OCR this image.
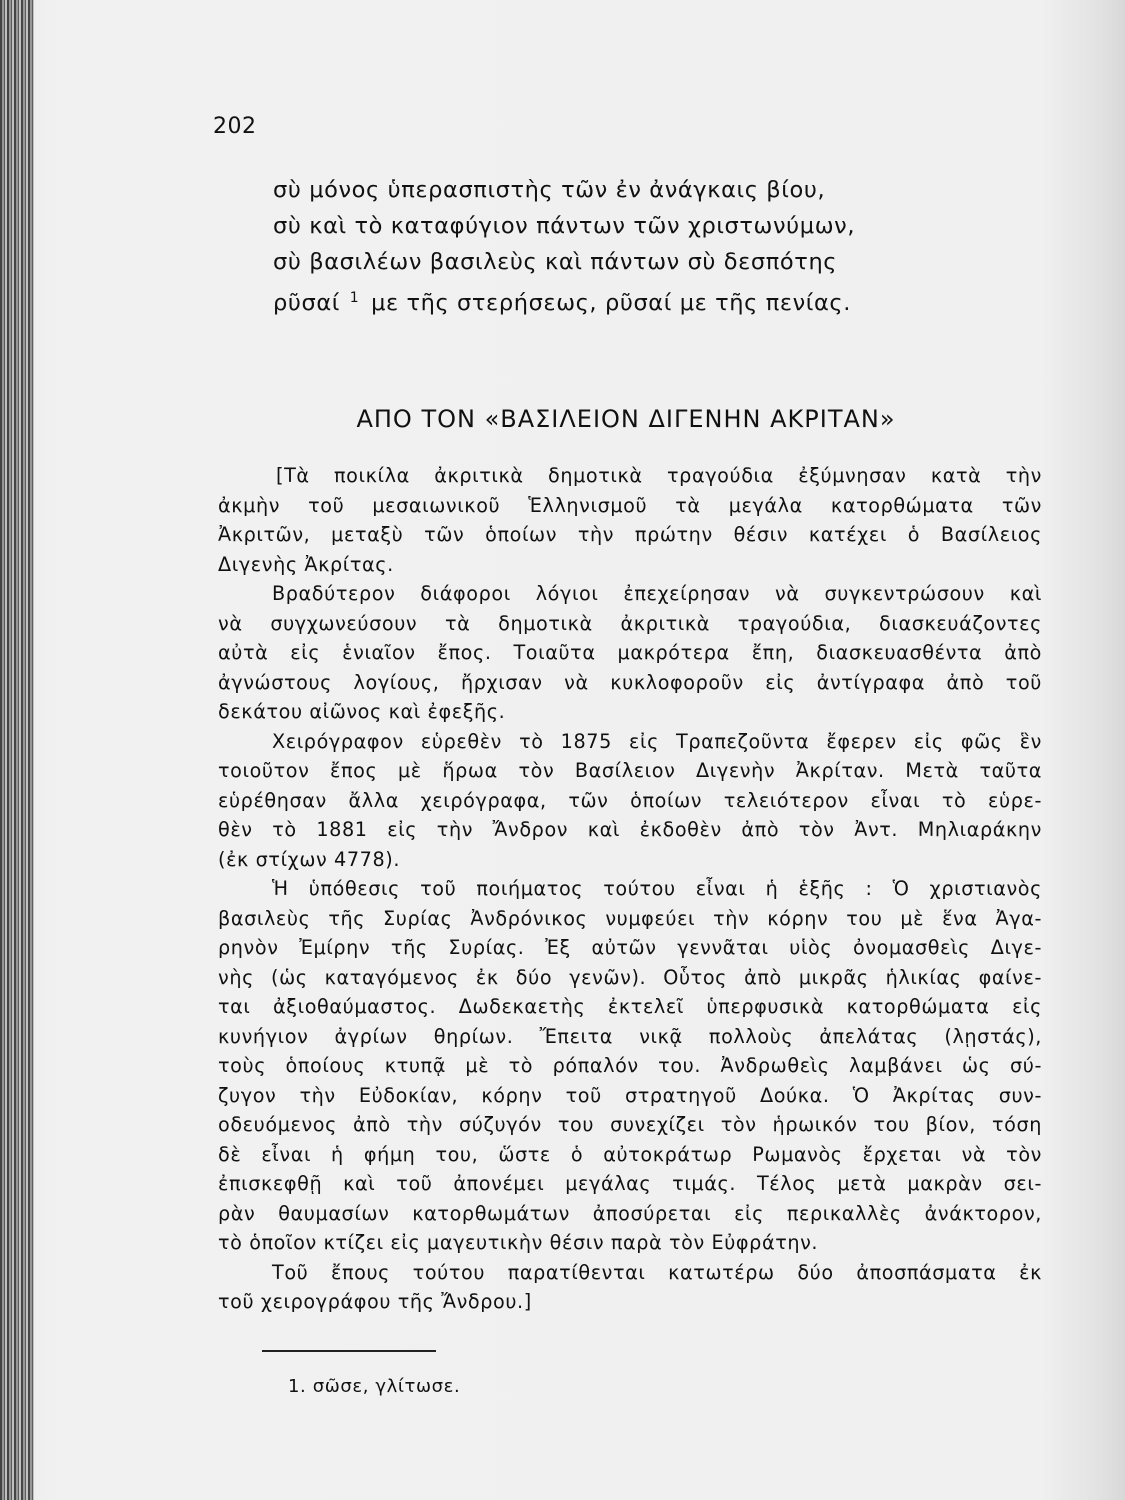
202
σὺ μόνος ὑπερασπιστὴς τῶν ἐν ἀνάγκαις βίου,
σὺ καὶ τὸ καταφύγιον πάντων τῶν χριστωνύμων,
σὺ βασιλέων βασιλεὺς καὶ πάντων σὺ δεσπότης
ρῦσαί $^1$ με τῆς στερήσεως, ρῦσαί με τῆς πενίας.
ΑΠΟ ΤΟΝ «ΒΑΣΙΛΕΙΟΝ ΔΙΓΕΝΗΝ ΑΚΡΙΤΑΝ»
[Τὰ ποικίλα ἀκριτικὰ δημοτικὰ τραγούδια ἐξύμνησαν κατὰ τὴν
ἀκμὴν τοῦ μεσαιωνικοῦ Ἑλληνισμοῦ τὰ μεγάλα κατορθώματα τῶν
Ἀκριτῶν, μεταξὺ τῶν ὁποίων τὴν πρώτην θέσιν κατέχει ὁ Βασίλειος
Διγενὴς Ἀκρίτας.
Βραδύτερον διάφοροι λόγιοι ἐπεχείρησαν νὰ συγκεντρώσουν καὶ
νὰ συγχωνεύσουν τὰ δημοτικὰ ἀκριτικὰ τραγούδια, διασκευάζοντες
αὐτὰ εἰς ἑνιαῖον ἔπος. Τοιαῦτα μακρότερα ἔπη, διασκευασθέντα ἀπὸ
ἀγνώστους λογίους, ἤρχισαν νὰ κυκλοφοροῦν εἰς ἀντίγραφα ἀπὸ τοῦ
δεκάτου αἰῶνος καὶ ἐφεξῆς.
Χειρόγραφον εὑρεθὲν τὸ 1875 εἰς Τραπεζοῦντα ἔφερεν εἰς φῶς ἓν
τοιοῦτον ἔπος μὲ ἥρωα τὸν Βασίλειον Διγενὴν Ἀκρίταν. Μετὰ ταῦτα
εὑρέθησαν ἄλλα χειρόγραφα, τῶν ὁποίων τελειότερον εἶναι τὸ εὑρε-
θὲν τὸ 1881 εἰς τὴν Ἄνδρον καὶ ἐκδοθὲν ἀπὸ τὸν Ἀντ. Μηλιαράκην
(ἐκ στίχων 4778).
Ἡ ὑπόθεσις τοῦ ποιήματος τούτου εἶναι ἡ ἑξῆς : Ὁ χριστιανὸς
βασιλεὺς τῆς Συρίας Ἀνδρόνικος νυμφεύει τὴν κόρην του μὲ ἕνα Ἀγα-
ρηνὸν Ἐμίρην τῆς Συρίας. Ἐξ αὐτῶν γεννᾶται υἱὸς ὀνομασθεὶς Διγε-
νὴς (ὡς καταγόμενος ἐκ δύο γενῶν). Οὗτος ἀπὸ μικρᾶς ἡλικίας φαίνε-
ται ἀξιοθαύμαστος. Δωδεκαετὴς ἐκτελεῖ ὑπερφυσικὰ κατορθώματα εἰς
κυνήγιον ἀγρίων θηρίων. Ἔπειτα νικᾷ πολλοὺς ἀπελάτας (λῃστάς),
τοὺς ὁποίους κτυπᾷ μὲ τὸ ρόπαλόν του. Ἀνδρωθεὶς λαμβάνει ὡς σύ-
ζυγον τὴν Εὐδοκίαν, κόρην τοῦ στρατηγοῦ Δούκα. Ὁ Ἀκρίτας συν-
οδευόμενος ἀπὸ τὴν σύζυγόν του συνεχίζει τὸν ἡρωικόν του βίον, τόση
δὲ εἶναι ἡ φήμη του, ὥστε ὁ αὐτοκράτωρ Ρωμανὸς ἔρχεται νὰ τὸν
ἐπισκεφθῇ καὶ τοῦ ἀπονέμει μεγάλας τιμάς. Τέλος μετὰ μακρὰν σει-
ρὰν θαυμασίων κατορθωμάτων ἀποσύρεται εἰς περικαλλὲς ἀνάκτορον,
τὸ ὁποῖον κτίζει εἰς μαγευτικὴν θέσιν παρὰ τὸν Εὐφράτην.
Τοῦ ἔπους τούτου παρατίθενται κατωτέρω δύο ἀποσπάσματα ἐκ
τοῦ χειρογράφου τῆς Ἄνδρου.]
1. σῶσε, γλίτωσε.
